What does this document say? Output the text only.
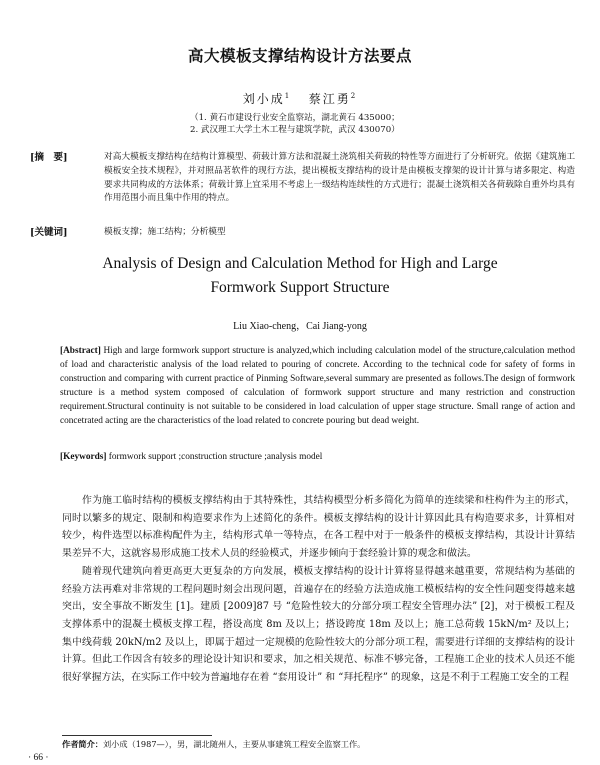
高大模板支撑结构设计方法要点
刘小成$^1$ 蔡江勇$^2$
（1. 黄石市建设行业安全监察站，湖北黄石 435000；
2. 武汉理工大学土木工程与建筑学院，武汉 430070）
[摘　要]	对高大模板支撑结构在结构计算模型、荷载计算方法和混凝土浇筑相关荷载的特性等方面进行了分析研究。依据《建筑施工模板安全技术规程》，并对照品茗软件的现行方法，提出模板支撑结构的设计是由模板支撑架的设计计算与诸多限定、构造要求共同构成的方法体系；荷载计算上宜采用不考虑上一级结构连续性的方式进行；混凝土浇筑相关各荷载除自重外均具有作用范围小而且集中作用的特点。
[关键词]	模板支撑；施工结构；分析模型
Analysis of Design and Calculation Method for High and Large
Formwork Support Structure
Liu Xiao-cheng，Cai Jiang-yong
[Abstract] High and large formwork support structure is analyzed,which including calculation model of the structure,calculation method of load and characteristic analysis of the load related to pouring of concrete. According to the technical code for safety of forms in construction and comparing with current practice of Pinming Software,several summary are presented as follows.The design of formwork structure is a method system composed of calculation of formwork support structure and many restriction and construction requirement.Structural continuity is not suitable to be considered in load calculation of upper stage structure. Small range of action and concetrated acting are the characteristics of the load related to concrete pouring but dead weight.
[Keywords] formwork support ;construction structure ;analysis model

作为施工临时结构的模板支撑结构由于其特殊性，其结构模型分析多简化为简单的连续梁和柱构件为主的形式，同时以繁多的规定、限制和构造要求作为上述简化的条件。模板支撑结构的设计计算因此具有构造要求多，计算相对较少，构件选型以标准构配件为主，结构形式单一等特点，在各工程中对于一般条件的模板支撑结构，其设计计算结果差异不大，这就容易形成施工技术人员的经验模式，并逐步倾向于套经验计算的观念和做法。

随着现代建筑向着更高更大更复杂的方向发展，模板支撑结构的设计计算将显得越来越重要，常规结构为基础的经验方法再难对非常规的工程问题时刻会出现问题，首遍存在的经验方法造成施工模板结构的安全性问题变得越来越突出，安全事故不断发生 [1]。建质 [2009]87 号 “危险性较大的分部分项工程安全管理办法” [2]，对于模板工程及支撑体系中的混凝土模板支撑工程，搭设高度 8m 及以上；搭设跨度 18m 及以上；施工总荷载 15kN/m² 及以上；集中线荷载 20kN/m2 及以上，即属于超过一定规模的危险性较大的分部分项工程，需要进行详细的支撑结构的设计计算。但此工作因含有较多的理论设计知识和要求，加之相关规范、标准不够完备，工程施工企业的技术人员还不能很好掌握方法，在实际工作中较为普遍地存在着 “套用设计” 和 “拜托程序” 的现象，这是不利于工程施工安全的工程

作者简介：刘小成（1987—），男，湖北随州人，主要从事建筑工程安全监察工作。
· 66 ·
